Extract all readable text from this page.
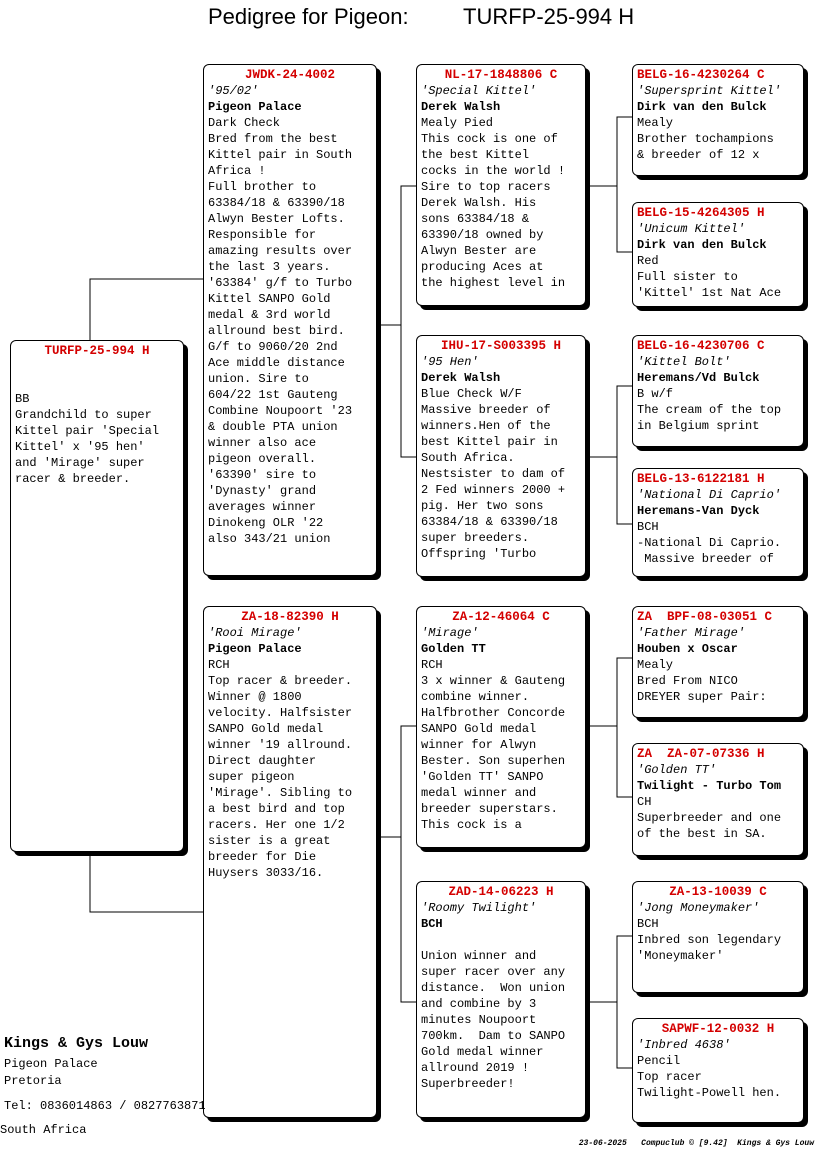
Pedigree for Pigeon: TURFP-25-994 H
TURFP-25-994 H
BB
Grandchild to super
Kittel pair 'Special
Kittel' x '95 hen'
and 'Mirage' super
racer & breeder.
JWDK-24-4002
'95/02'
Pigeon Palace
Dark Check
Bred from the best
Kittel pair in South
Africa !
Full brother to
63384/18 & 63390/18
Alwyn Bester Lofts.
Responsible for
amazing results over
the last 3 years.
'63384' g/f to Turbo
Kittel SANPO Gold
medal & 3rd world
allround best bird.
G/f to 9060/20 2nd
Ace middle distance
union. Sire to
604/22 1st Gauteng
Combine Noupoort '23
& double PTA union
winner also ace
pigeon overall.
'63390' sire to
'Dynasty' grand
averages winner
Dinokeng OLR '22
also 343/21 union
ZA-18-82390 H
'Rooi Mirage'
Pigeon Palace
RCH
Top racer & breeder.
Winner @ 1800
velocity. Halfsister
SANPO Gold medal
winner '19 allround.
Direct daughter
super pigeon
'Mirage'. Sibling to
a best bird and top
racers. Her one 1/2
sister is a great
breeder for Die
Huysers 3033/16.
NL-17-1848806 C
'Special Kittel'
Derek Walsh
Mealy Pied
This cock is one of
the best Kittel
cocks in the world !
Sire to top racers
Derek Walsh. His
sons 63384/18 &
63390/18 owned by
Alwyn Bester are
producing Aces at
the highest level in
IHU-17-S003395 H
'95 Hen'
Derek Walsh
Blue Check W/F
Massive breeder of
winners.Hen of the
best Kittel pair in
South Africa.
Nestsister to dam of
2 Fed winners 2000 +
pig. Her two sons
63384/18 & 63390/18
super breeders.
Offspring 'Turbo
ZA-12-46064 C
'Mirage'
Golden TT
RCH
3 x winner & Gauteng
combine winner.
Halfbrother Concorde
SANPO Gold medal
winner for Alwyn
Bester. Son superhen
'Golden TT' SANPO
medal winner and
breeder superstars.
This cock is a
ZAD-14-06223 H
'Roomy Twilight'
BCH
Union winner and
super racer over any
distance.  Won union
and combine by 3
minutes Noupoort
700km.  Dam to SANPO
Gold medal winner
allround 2019 !
Superbreeder!
BELG-16-4230264 C
'Supersprint Kittel'
Dirk van den Bulck
Mealy
Brother tochampions
& breeder of 12 x
BELG-15-4264305 H
'Unicum Kittel'
Dirk van den Bulck
Red
Full sister to
'Kittel' 1st Nat Ace
BELG-16-4230706 C
'Kittel Bolt'
Heremans/Vd Bulck
B w/f
The cream of the top
in Belgium sprint
BELG-13-6122181 H
'National Di Caprio'
Heremans-Van Dyck
BCH
-National Di Caprio.
Massive breeder of
ZA  BPF-08-03051 C
'Father Mirage'
Houben x Oscar
Mealy
Bred From NICO
DREYER super Pair:
ZA  ZA-07-07336 H
'Golden TT'
Twilight - Turbo Tom
CH
Superbreeder and one
of the best in SA.
ZA-13-10039 C
'Jong Moneymaker'
BCH
Inbred son legendary
'Moneymaker'
SAPWF-12-0032 H
'Inbred 4638'
Pencil
Top racer
Twilight-Powell hen.
Kings & Gys Louw
Pigeon Palace
Pretoria
Tel: 0836014863 / 0827763871
South Africa
23-06-2025   Compuclub © [9.42]  Kings & Gys Louw
